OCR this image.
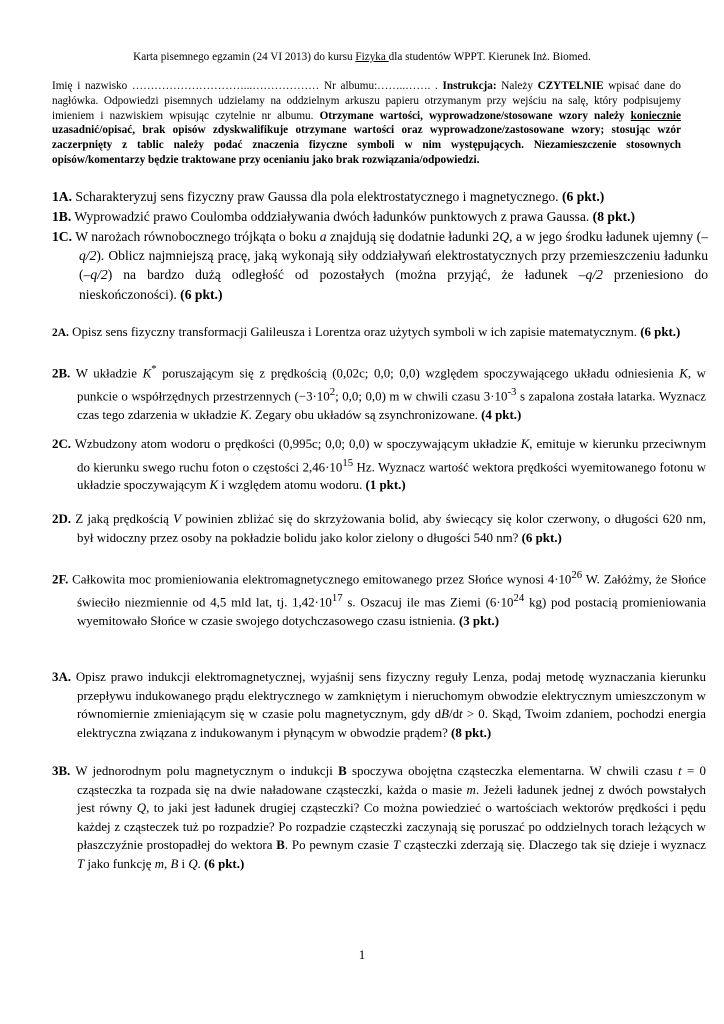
Karta pisemnego egzamin (24 VI 2013) do kursu Fizyka dla studentów WPPT. Kierunek Inż. Biomed.
Imię i nazwisko …………………………...……………… Nr albumu:……..……. . Instrukcja: Należy CZYTELNIE wpisać dane do nagłówka. Odpowiedzi pisemnych udzielamy na oddzielnym arkuszu papieru otrzymanym przy wejściu na salę, który podpisujemy imieniem i nazwiskiem wpisując czytelnie nr albumu. Otrzymane wartości, wyprowadzone/stosowane wzory należy koniecznie uzasadnić/opisać, brak opisów zdyskwalifikuje otrzymane wartości oraz wyprowadzone/zastosowane wzory; stosując wzór zaczerpnięty z tablic należy podać znaczenia fizyczne symboli w nim występujących. Niezamieszczenie stosownych opisów/komentarzy będzie traktowane przy ocenianiu jako brak rozwiązania/odpowiedzi.
1A. Scharakteryzuj sens fizyczny praw Gaussa dla pola elektrostatycznego i magnetycznego. (6 pkt.)
1B. Wyprowadzić prawo Coulomba oddziaływania dwóch ładunków punktowych z prawa Gaussa. (8 pkt.)
1C. W narożach równobocznego trójkąta o boku a znajdują się dodatnie ładunki 2Q, a w jego środku ładunek ujemny (–q/2). Oblicz najmniejszą pracę, jaką wykonają siły oddziaływań elektrostatycznych przy przemieszczeniu ładunku (–q/2) na bardzo dużą odległość od pozostałych (można przyjąć, że ładunek –q/2 przeniesiono do nieskończoności). (6 pkt.)
2A. Opisz sens fizyczny transformacji Galileusza i Lorentza oraz użytych symboli w ich zapisie matematycznym. (6 pkt.)
2B. W układzie K* poruszającym się z prędkością (0,02c; 0,0; 0,0) względem spoczywającego układu odniesienia K, w punkcie o współrzędnych przestrzennych ($-3\cdot 10^2$; 0,0; 0,0) m w chwili czasu $3\cdot 10^{-3}$ s zapalona została latarka. Wyznacz czas tego zdarzenia w układzie K. Zegary obu układów są zsynchronizowane. (4 pkt.)
2C. Wzbudzony atom wodoru o prędkości (0,995c; 0,0; 0,0) w spoczywającym układzie K, emituje w kierunku przeciwnym do kierunku swego ruchu foton o częstości $2,46\cdot 10^{15}$ Hz. Wyznacz wartość wektora prędkości wyemitowanego fotonu w układzie spoczywającym K i względem atomu wodoru. (1 pkt.)
2D. Z jaką prędkością V powinien zbliżać się do skrzyżowania bolid, aby świecący się kolor czerwony, o długości 620 nm, był widoczny przez osoby na pokładzie bolidu jako kolor zielony o długości 540 nm? (6 pkt.)
2F. Całkowita moc promieniowania elektromagnetycznego emitowanego przez Słońce wynosi $4\cdot 10^{26}$ W. Załóżmy, że Słońce świeciło niezmiennie od 4,5 mld lat, tj. $1,42\cdot 10^{17}$ s. Oszacuj ile mas Ziemi ($6\cdot 10^{24}$ kg) pod postacią promieniowania wyemitowało Słońce w czasie swojego dotychczasowego czasu istnienia. (3 pkt.)
3A. Opisz prawo indukcji elektromagnetycznej, wyjaśnij sens fizyczny reguły Lenza, podaj metodę wyznaczania kierunku przepływu indukowanego prądu elektrycznego w zamkniętym i nieruchomym obwodzie elektrycznym umieszczonym w równomiernie zmieniającym się w czasie polu magnetycznym, gdy dB/dt > 0. Skąd, Twoim zdaniem, pochodzi energia elektryczna związana z indukowanym i płynącym w obwodzie prądem? (8 pkt.)
3B. W jednorodnym polu magnetycznym o indukcji B spoczywa obojętna cząsteczka elementarna. W chwili czasu t = 0 cząsteczka ta rozpada się na dwie naładowane cząsteczki, każda o masie m. Jeżeli ładunek jednej z dwóch powstałych jest równy Q, to jaki jest ładunek drugiej cząsteczki? Co można powiedzieć o wartościach wektorów prędkości i pędu każdej z cząsteczek tuż po rozpadzie? Po rozpadzie cząsteczki zaczynają się poruszać po oddzielnych torach leżących w płaszczyźnie prostopadłej do wektora B. Po pewnym czasie T cząsteczki zderzają się. Dlaczego tak się dzieje i wyznacz T jako funkcję m, B i Q. (6 pkt.)
1
